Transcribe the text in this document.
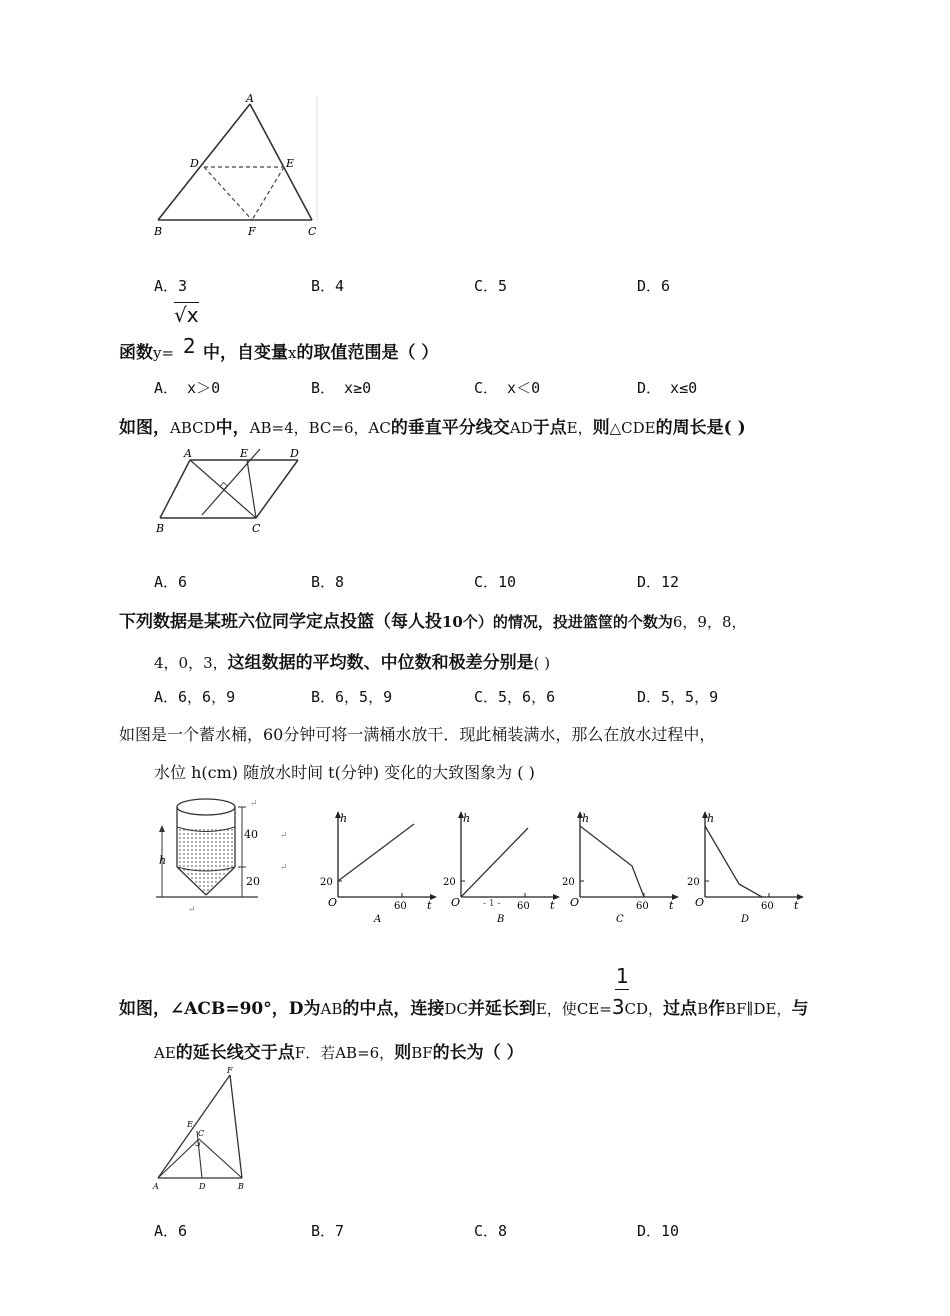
A
D	E
B	F	C
A．3	B．4	C．5	D．6
√x
2
函数y= 中，自变量x的取值范围是（ ）
A． x＞0	B． x≥0	C． x＜0	D． x≤0
如图，ABCD中，AB=4，BC=6，AC的垂直平分线交AD于点E，则△CDE的周长是( )
A	E	D
B	C
A．6	B．8	C．10	D．12
下列数据是某班六位同学定点投篮（每人投10个）的情况，投进篮筐的个数为6，9，8，
4，0，3，这组数据的平均数、中位数和极差分别是( )
A．6，6，9	B．6，5，9	C．5，6，6	D．5，5，9
如图是一个蓄水桶，60分钟可将一满桶水放干．现此桶装满水，那么在放水过程中，
水位 h(cm) 随放水时间 t(分钟) 变化的大致图象为 ( )
40
20
h
↵
↵
↵
↵
h
t
O
20
60
A
h
t
O
20
60
B
- 1 -
h
t
O
20
60
C
h
t
O
20
60
D
1
如图，∠ACB=90°，D为AB的中点，连接DC并延长到E，使CE=3CD，过点B作BF∥DE，与
AE的延长线交于点F．若AB=6，则BF的长为（ ）
F
E
C
A	D	B
A．6	B．7	C．8	D．10
